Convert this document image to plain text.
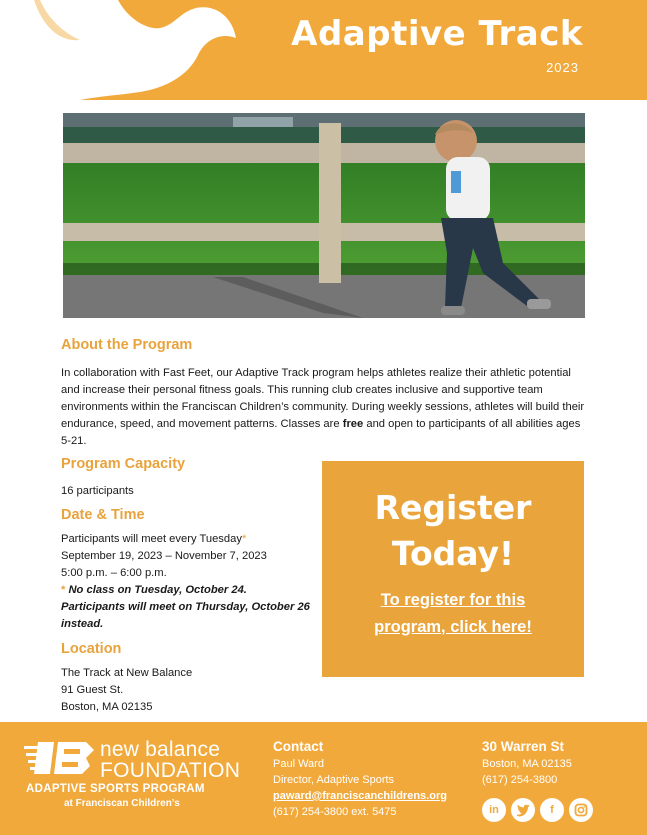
Adaptive Track
2023
About the Program
In collaboration with Fast Feet, our Adaptive Track program helps athletes realize their athletic potential and increase their personal fitness goals. This running club creates inclusive and supportive team environments within the Franciscan Children’s community. During weekly sessions, athletes will build their endurance, speed, and movement patterns. Classes are free and open to participants of all abilities ages 5-21.
Program Capacity
16 participants
Date & Time
Participants will meet every Tuesday*
September 19, 2023 – November 7, 2023
5:00 p.m. – 6:00 p.m.
* No class on Tuesday, October 24. Participants will meet on Thursday, October 26 instead.
Location
The Track at New Balance
91 Guest St.
Boston, MA 02135
Register
Today!
To register for this program, click here!
new balance
FOUNDATION
ADAPTIVE SPORTS PROGRAM
at Franciscan Children’s
Contact
Paul Ward
Director, Adaptive Sports
paward@franciscanchildrens.org
(617) 254-3800 ext. 5475
30 Warren St
Boston, MA 02135
(617) 254-3800
in	f
